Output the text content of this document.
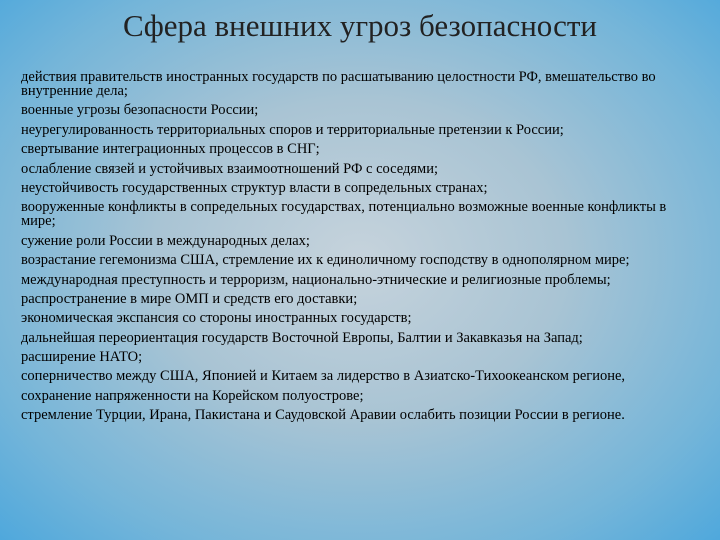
Сфера внешних угроз безопасности
действия правительств иностранных государств по расшатыванию целостности РФ, вмешательство во внутренние дела;
военные угрозы безопасности России;
неурегулированность территориальных споров и территориальные претензии к России;
свертывание интеграционных процессов в СНГ;
ослабление связей и устойчивых взаимоотношений РФ с соседями;
неустойчивость государственных структур власти в сопредельных странах;
вооруженные конфликты в сопредельных государствах, потенциально возможные военные конфликты в мире;
сужение роли России в международных делах;
возрастание гегемонизма США, стремление их к единоличному господству в однополярном мире;
международная преступность и терроризм, национально-этнические и религиозные проблемы;
распространение в мире ОМП и средств его доставки;
экономическая экспансия со стороны иностранных государств;
дальнейшая переориентация государств Восточной Европы, Балтии и Закавказья на Запад;
расширение НАТО;
соперничество между США, Японией и Китаем за лидерство в Азиатско-Тихоокеанском регионе,
сохранение напряженности на Корейском полуострове;
стремление Турции, Ирана, Пакистана и Саудовской Аравии ослабить позиции России в регионе.
